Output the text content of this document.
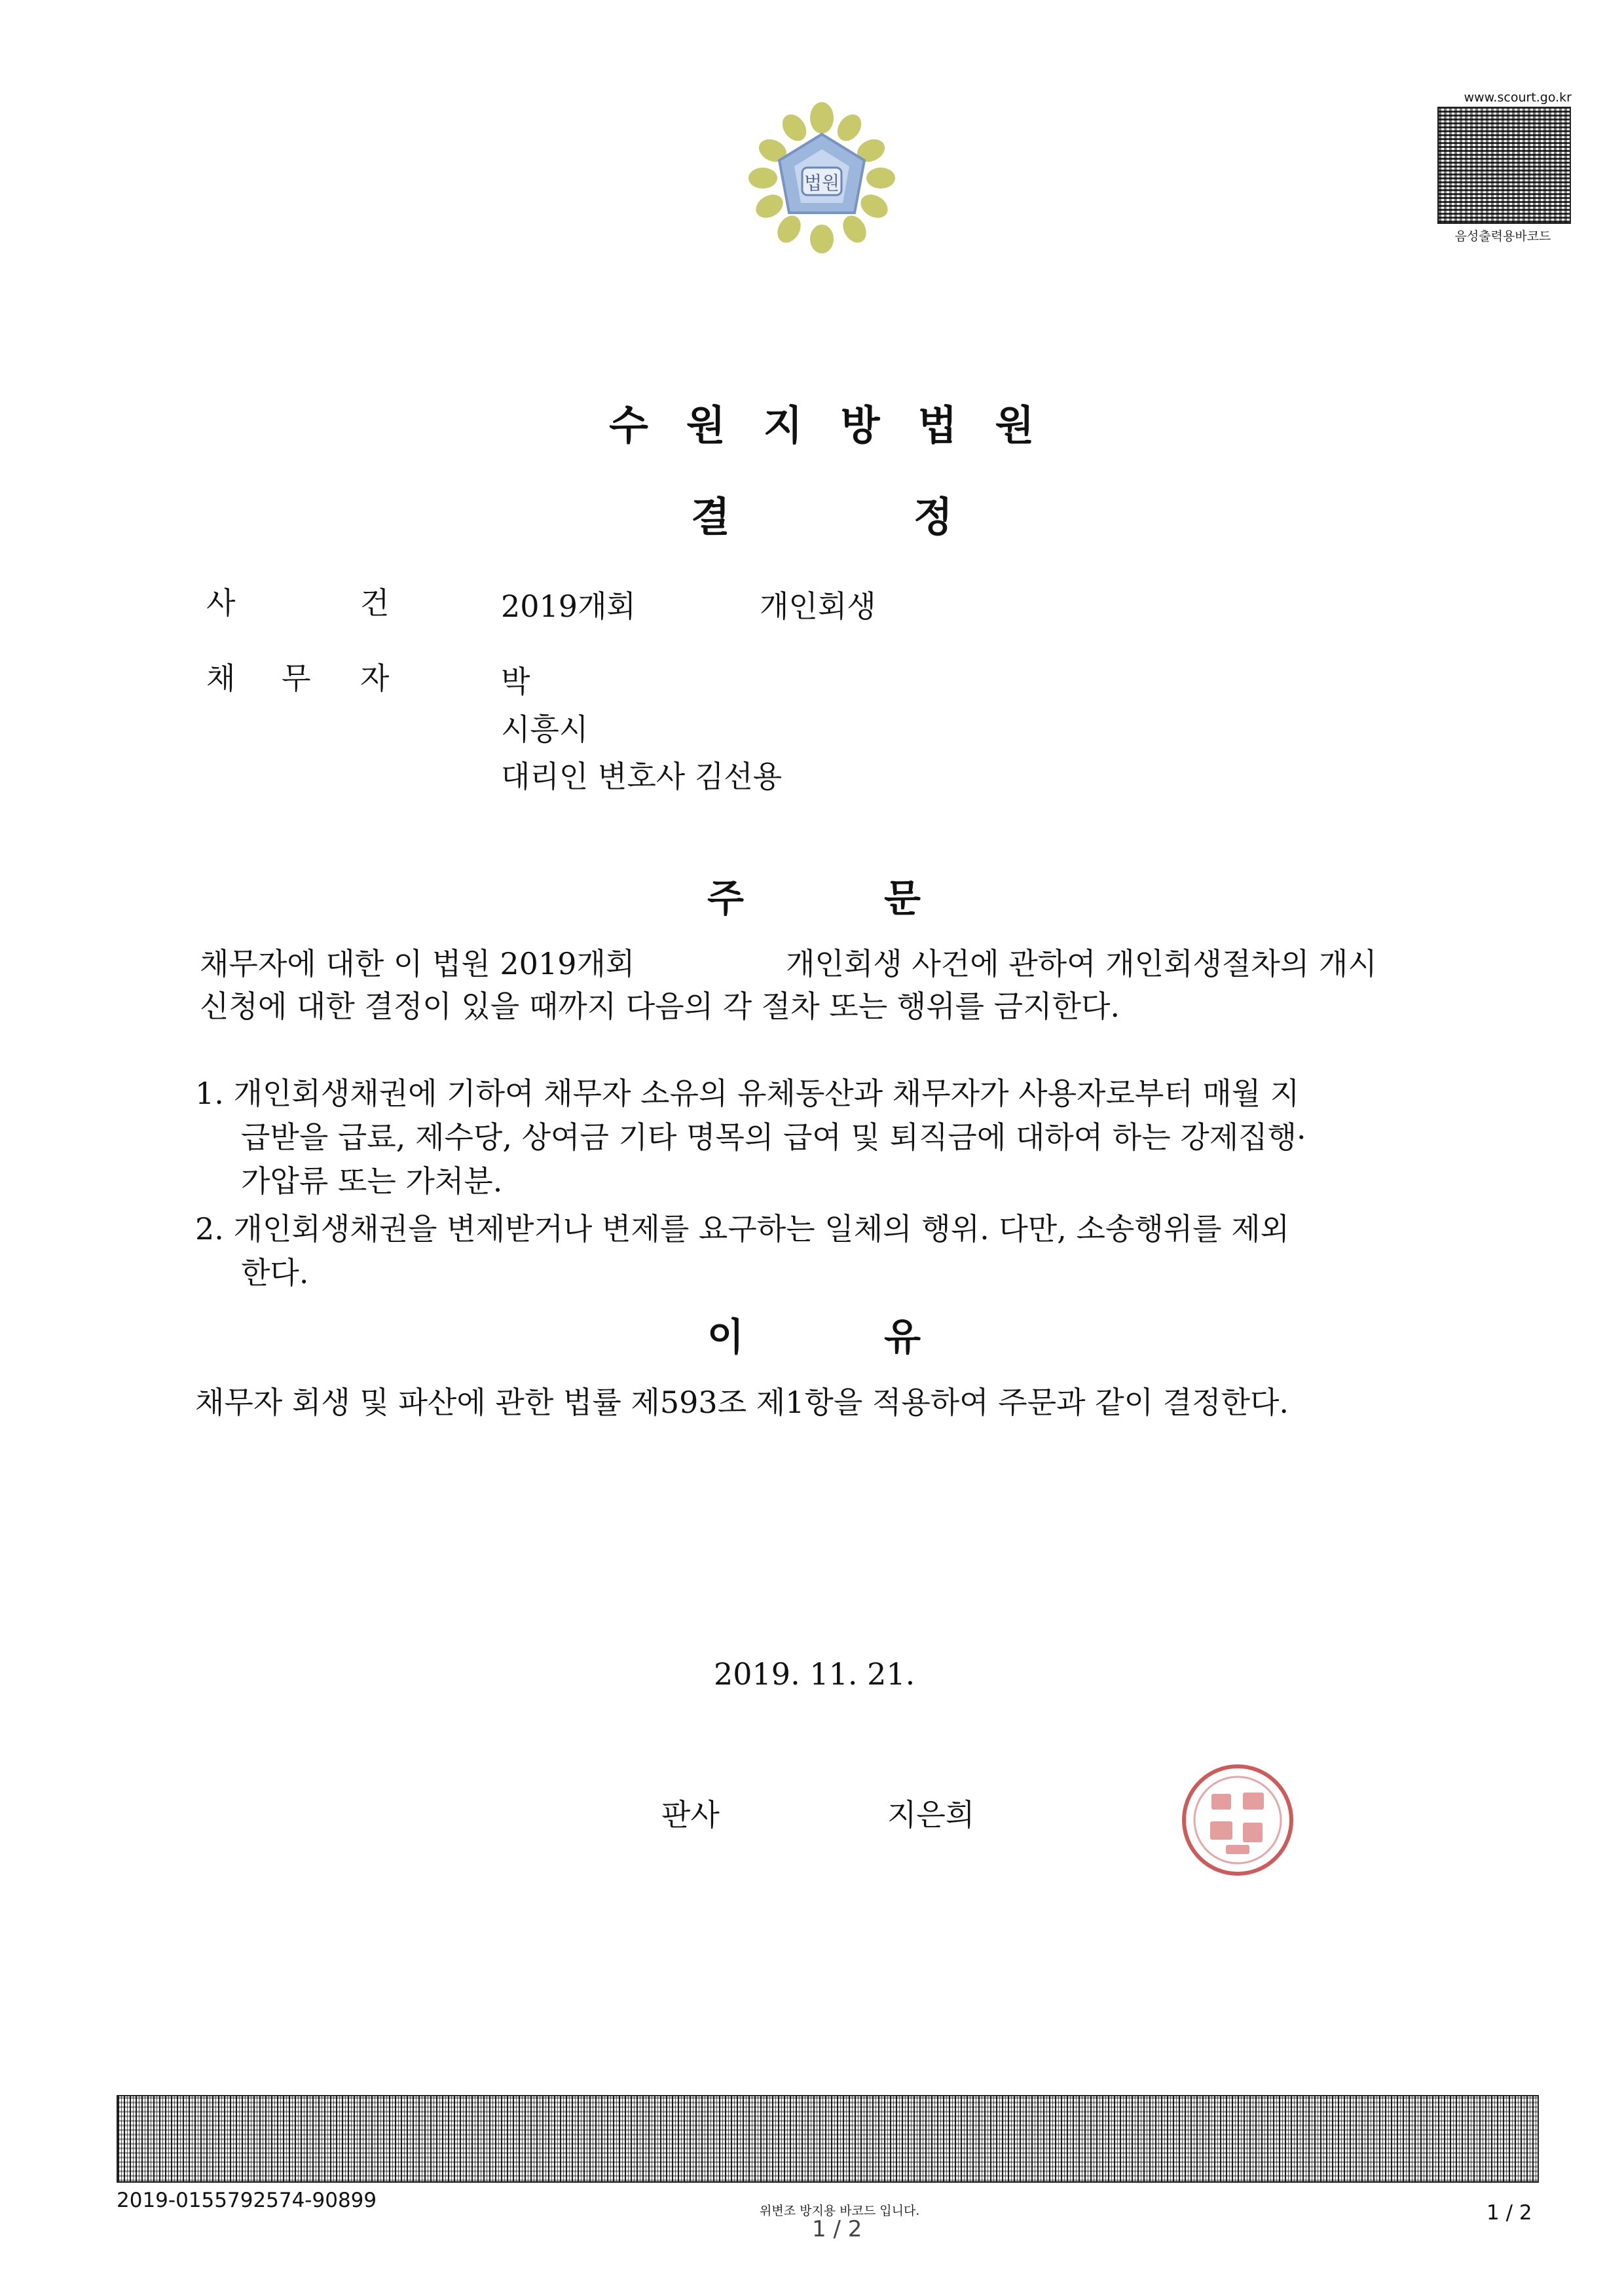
법원
www.scourt.go.kr
음성출력용바코드
수원지방법원
결	정
사	건	2019개회	개인회생
채 무 자	박
시흥시
대리인 변호사 김선용
주	문
채무자에 대한 이 법원 2019개회	개인회생 사건에 관하여 개인회생절차의 개시
신청에 대한 결정이 있을 때까지 다음의 각 절차 또는 행위를 금지한다.
1. 개인회생채권에 기하여 채무자 소유의 유체동산과 채무자가 사용자로부터 매월 지
급받을 급료, 제수당, 상여금 기타 명목의 급여 및 퇴직금에 대하여 하는 강제집행·
가압류 또는 가처분.
2. 개인회생채권을 변제받거나 변제를 요구하는 일체의 행위. 다만, 소송행위를 제외
한다.
이	유
채무자 회생 및 파산에 관한 법률 제593조 제1항을 적용하여 주문과 같이 결정한다.
2019. 11. 21.
판사	지은희
2019-0155792574-90899	위변조 방지용 바코드 입니다.
1 / 2
1 / 2
